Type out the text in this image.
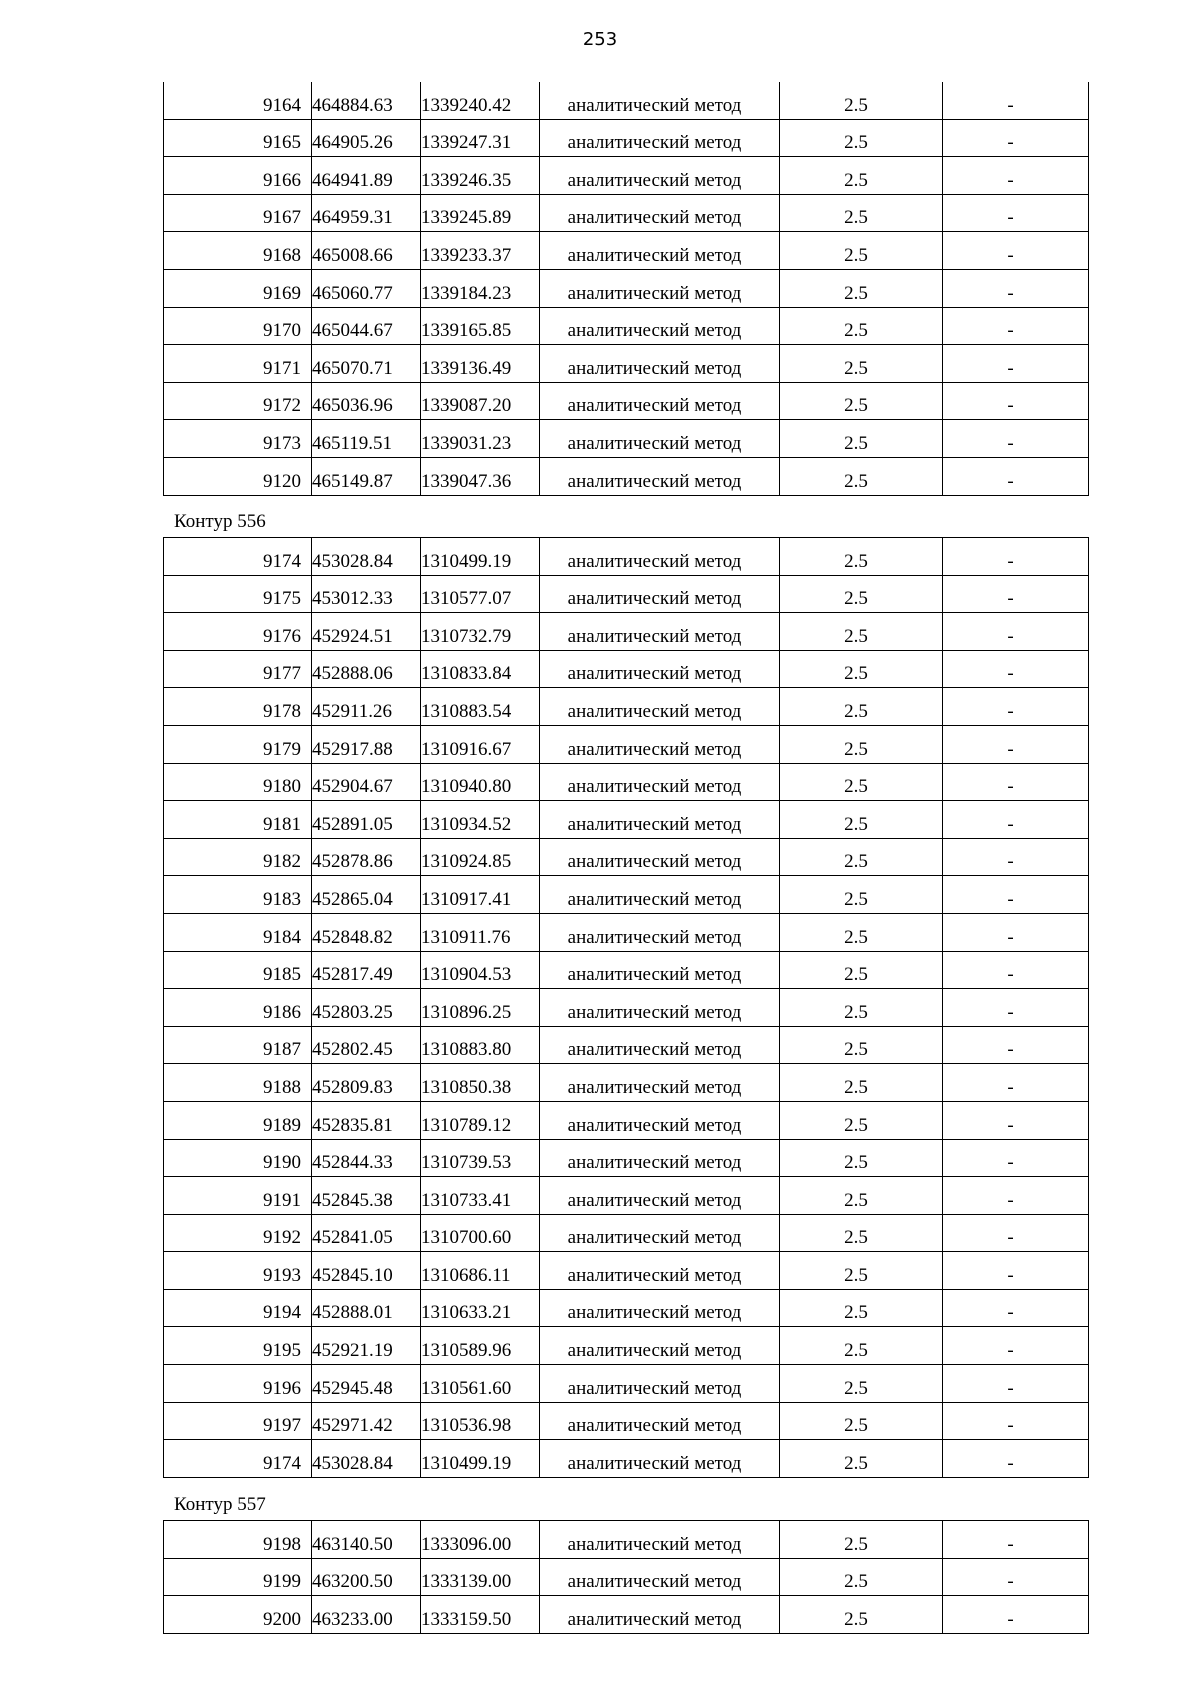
253
9164	464884.63	1339240.42	аналитический метод	2.5	-
9165	464905.26	1339247.31	аналитический метод	2.5	-
9166	464941.89	1339246.35	аналитический метод	2.5	-
9167	464959.31	1339245.89	аналитический метод	2.5	-
9168	465008.66	1339233.37	аналитический метод	2.5	-
9169	465060.77	1339184.23	аналитический метод	2.5	-
9170	465044.67	1339165.85	аналитический метод	2.5	-
9171	465070.71	1339136.49	аналитический метод	2.5	-
9172	465036.96	1339087.20	аналитический метод	2.5	-
9173	465119.51	1339031.23	аналитический метод	2.5	-
9120	465149.87	1339047.36	аналитический метод	2.5	-
Контур 556
9174	453028.84	1310499.19	аналитический метод	2.5	-
9175	453012.33	1310577.07	аналитический метод	2.5	-
9176	452924.51	1310732.79	аналитический метод	2.5	-
9177	452888.06	1310833.84	аналитический метод	2.5	-
9178	452911.26	1310883.54	аналитический метод	2.5	-
9179	452917.88	1310916.67	аналитический метод	2.5	-
9180	452904.67	1310940.80	аналитический метод	2.5	-
9181	452891.05	1310934.52	аналитический метод	2.5	-
9182	452878.86	1310924.85	аналитический метод	2.5	-
9183	452865.04	1310917.41	аналитический метод	2.5	-
9184	452848.82	1310911.76	аналитический метод	2.5	-
9185	452817.49	1310904.53	аналитический метод	2.5	-
9186	452803.25	1310896.25	аналитический метод	2.5	-
9187	452802.45	1310883.80	аналитический метод	2.5	-
9188	452809.83	1310850.38	аналитический метод	2.5	-
9189	452835.81	1310789.12	аналитический метод	2.5	-
9190	452844.33	1310739.53	аналитический метод	2.5	-
9191	452845.38	1310733.41	аналитический метод	2.5	-
9192	452841.05	1310700.60	аналитический метод	2.5	-
9193	452845.10	1310686.11	аналитический метод	2.5	-
9194	452888.01	1310633.21	аналитический метод	2.5	-
9195	452921.19	1310589.96	аналитический метод	2.5	-
9196	452945.48	1310561.60	аналитический метод	2.5	-
9197	452971.42	1310536.98	аналитический метод	2.5	-
9174	453028.84	1310499.19	аналитический метод	2.5	-
Контур 557
9198	463140.50	1333096.00	аналитический метод	2.5	-
9199	463200.50	1333139.00	аналитический метод	2.5	-
9200	463233.00	1333159.50	аналитический метод	2.5	-
